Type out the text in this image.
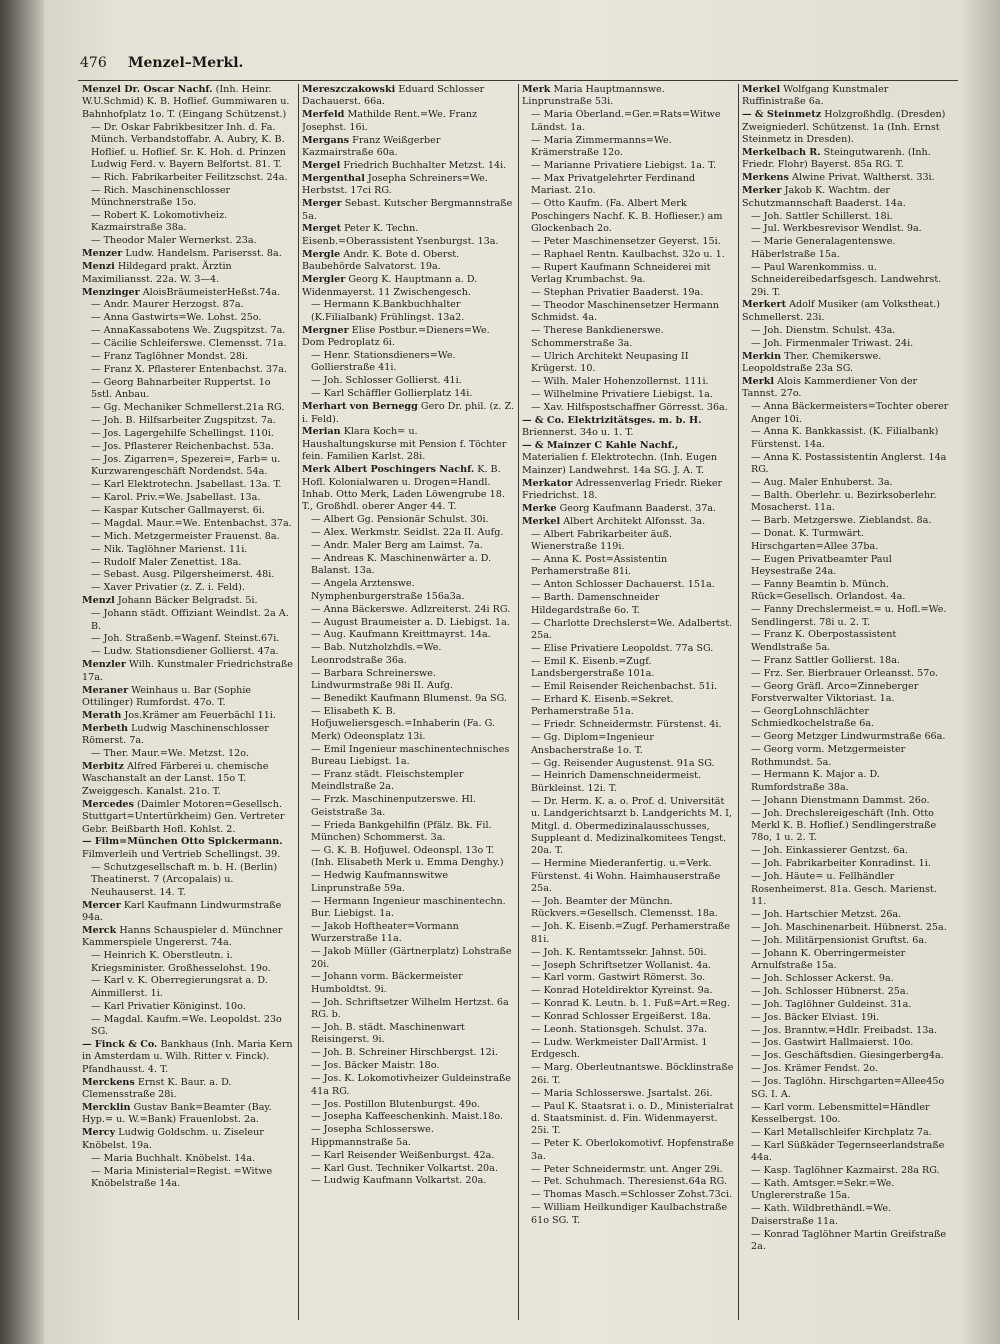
476 Menzel–Merkl.
Menzel Dr. Oscar Nachf. (Inh. Heinr. W.U.Schmid) K. B. Hoflief. Gummiwaren u. Bahnhofplatz 1o. T. (Eingang Schützenst.)
— Dr. Oskar Fabrikbesitzer Inh. d. Fa. Münch. Verbandstoffabr. A. Aubry, K. B. Hoflief. u. Hoflief. Sr. K. Hoh. d. Prinzen Ludwig Ferd. v. Bayern Belfortst. 81. T.
— Rich. Fabrikarbeiter Feilitzschst. 24a.
— Rich. Maschinenschlosser Münchnerstraße 15o.
— Robert K. Lokomotivheiz. Kazmairstraße 38a.
— Theodor Maler Wernerkst. 23a.
Menzer Ludw. Handelsm. Parisersst. 8a.
Menzi Hildegard prakt. Ärztin Maximiliansst. 22a. W. 3—4.
Menzinger AloisBräumeisterHeßst.74a.
— Andr. Maurer Herzogst. 87a.
— Anna Gastwirts=We. Lohst. 25o.
— AnnaKassabotens We. Zugspitzst. 7a.
— Cäcilie Schleiferswe. Clemensst. 71a.
— Franz Taglöhner Mondst. 28i.
— Franz X. Pflasterer Entenbachst. 37a.
— Georg Bahnarbeiter Ruppertst. 1o 5stl. Anbau.
— Gg. Mechaniker Schmellerst.21a RG.
— Joh. B. Hilfsarbeiter Zugspitzst. 7a.
— Jos. Lagergehilfe Schellingst. 110i.
— Jos. Pflasterer Reichenbachst. 53a.
— Jos. Zigarren=, Spezerei=, Farb= u. Kurzwarengeschäft Nordendst. 54a.
— Karl Elektrotechn. Jsabellast. 13a. T.
— Karol. Priv.=We. Jsabellast. 13a.
— Kaspar Kutscher Gallmayerst. 6i.
— Magdal. Maur.=We. Entenbachst. 37a.
— Mich. Metzgermeister Frauenst. 8a.
— Nik. Taglöhner Marienst. 11i.
— Rudolf Maler Zenettist. 18a.
— Sebast. Ausg. Pilgersheimerst. 48i.
— Xaver Privatier (z. Z. i. Feld).
Menzl Johann Bäcker Belgradst. 5i.
— Johann städt. Offiziant Weindlst. 2a A. B.
— Joh. Straßenb.=Wagenf. Steinst.67i.
— Ludw. Stationsdiener Gollierst. 47a.
Menzler Wilh. Kunstmaler Friedrichstraße 17a.
Meraner Weinhaus u. Bar (Sophie Ottilinger) Rumfordst. 47o. T.
Merath Jos.Krämer am Feuerbächl 11i.
Merbeth Ludwig Maschinenschlosser Römerst. 7a.
— Ther. Maur.=We. Metzst. 12o.
Merbitz Alfred Färberei u. chemische Waschanstalt an der Lanst. 15o T. Zweiggesch. Kanalst. 21o. T.
Mercedes (Daimler Motoren=Gesellsch. Stuttgart=Untertürkheim) Gen. Vertreter Gebr. Beißbarth Hofl. Kohlst. 2.
— Film=München Otto Spickermann. Filmverleih und Vertrieb Schellingst. 39.
— Schutzgesellschaft m. b. H. (Berlin) Theatinerst. 7 (Arcopalais) u. Neuhauserst. 14. T.
Mercer Karl Kaufmann Lindwurmstraße 94a.
Merck Hanns Schauspieler d. Münchner Kammerspiele Ungererst. 74a.
— Heinrich K. Oberstleutn. i. Kriegsminister. Großhesselohst. 19o.
— Karl v. K. Oberregierungsrat a. D. Ainmillerst. 1i.
— Karl Privatier Königinst. 10o.
— Magdal. Kaufm.=We. Leopoldst. 23o SG.
— Finck & Co. Bankhaus (Inh. Maria Kern in Amsterdam u. Wilh. Ritter v. Finck). Pfandhausst. 4. T.
Merckens Ernst K. Baur. a. D. Clemensstraße 28i.
Mercklin Gustav Bank=Beamter (Bay. Hyp.= u. W.=Bank) Frauenlobst. 2a.
Mercy Ludwig Goldschm. u. Ziseleur Knöbelst. 19a.
— Maria Buchhalt. Knöbelst. 14a.
— Maria Ministerial=Regist. =Witwe Knöbelstraße 14a.
Mereszczakowski Eduard Schlosser Dachauerst. 66a.
Merfeld Mathilde Rent.=We. Franz Josephst. 16i.
Mergans Franz Weißgerber Kazmairstraße 60a.
Mergel Friedrich Buchhalter Metzst. 14i.
Mergenthal Josepha Schreiners=We. Herbstst. 17ci RG.
Merger Sebast. Kutscher Bergmannstraße 5a.
Merget Peter K. Techn. Eisenb.=Oberassistent Ysenburgst. 13a.
Mergle Andr. K. Bote d. Oberst. Baubehörde Salvatorst. 19a.
Mergler Georg K. Hauptmann a. D. Widenmayerst. 11 Zwischengesch.
— Hermann K.Bankbuchhalter (K.Filialbank) Frühlingst. 13a2.
Mergner Elise Postbur.=Dieners=We. Dom Pedroplatz 6i.
— Henr. Stationsdieners=We. Gollierstraße 41i.
— Joh. Schlosser Gollierst. 41i.
— Karl Schäffler Gollierplatz 14i.
Merhart von Bernegg Gero Dr. phil. (z. Z. i. Feld).
Merian Klara Koch= u. Haushaltungskurse mit Pension f. Töchter fein. Familien Karlst. 28i.
Merk Albert Poschingers Nachf. K. B. Hofl. Kolonialwaren u. Drogen=Handl. Inhab. Otto Merk, Laden Löwengrube 18. T., Großhdl. oberer Anger 44. T.
— Albert Gg. Pensionär Schulst. 30i.
— Alex. Werkmstr. Seidlst. 22a II. Aufg.
— Andr. Maler Berg am Laimst. 7a.
— Andreas K. Maschinenwärter a. D. Balanst. 13a.
— Angela Arztenswe. Nymphenburgerstraße 156a3a.
— Anna Bäckerswe. Adlzreiterst. 24i RG.
— August Braumeister a. D. Liebigst. 1a.
— Aug. Kaufmann Kreittmayrst. 14a.
— Bab. Nutzholzhdls.=We. Leonrodstraße 36a.
— Barbara Schreinerswe. Lindwurmstraße 98i II. Aufg.
— Benedikt Kaufmann Blumenst. 9a SG.
— Elisabeth K. B. Hofjuweliersgesch.=Inhaberin (Fa. G. Merk) Odeonsplatz 13i.
— Emil Ingenieur maschinentechnisches Bureau Liebigst. 1a.
— Franz städt. Fleischstempler Meindlstraße 2a.
— Frzk. Maschinenputzerswe. Hl. Geiststraße 3a.
— Frieda Bankgehilfin (Pfälz. Bk. Fil. München) Schommerst. 3a.
— G. K. B. Hofjuwel. Odeonspl. 13o T. (Inh. Elisabeth Merk u. Emma Denghy.)
— Hedwig Kaufmannswitwe Linprunstraße 59a.
— Hermann Ingenieur maschinentechn. Bur. Liebigst. 1a.
— Jakob Hoftheater=Vormann Wurzerstraße 11a.
— Jakob Müller (Gärtnerplatz) Lohstraße 20i.
— Johann vorm. Bäckermeister Humboldtst. 9i.
— Joh. Schriftsetzer Wilhelm Hertzst. 6a RG. b.
— Joh. B. städt. Maschinenwart Reisingerst. 9i.
— Joh. B. Schreiner Hirschbergst. 12i.
— Jos. Bäcker Maistr. 18o.
— Jos. K. Lokomotivheizer Guldeinstraße 41a RG.
— Jos. Postillon Blutenburgst. 49o.
— Josepha Kaffeeschenkinh. Maist.18o.
— Josepha Schlosserswe. Hippmannstraße 5a.
— Karl Reisender Weißenburgst. 42a.
— Karl Gust. Techniker Volkartst. 20a.
— Ludwig Kaufmann Volkartst. 20a.
Merk Maria Hauptmannswe. Linprunstraße 53i.
— Maria Oberland.=Ger.=Rats=Witwe Ländst. 1a.
— Maria Zimmermanns=We. Krämerstraße 12o.
— Marianne Privatiere Liebigst. 1a. T.
— Max Privatgelehrter Ferdinand Mariast. 21o.
— Otto Kaufm. (Fa. Albert Merk Poschingers Nachf. K. B. Hoflieser.) am Glockenbach 2o.
— Peter Maschinensetzer Geyerst. 15i.
— Raphael Rentn. Kaulbachst. 32o u. 1.
— Rupert Kaufmann Schneiderei mit Verlag Krumbachst. 9a.
— Stephan Privatier Baaderst. 19a.
— Theodor Maschinensetzer Hermann Schmidst. 4a.
— Therese Bankdienerswe. Schommerstraße 3a.
— Ulrich Architekt Neupasing II Krügerst. 10.
— Wilh. Maler Hohenzollernst. 111i.
— Wilhelmine Privatiere Liebigst. 1a.
— Xav. Hilfspostschaffner Görresst. 36a.
— & Co. Elektrizitätsges. m. b. H. Briennerst. 34o u. 1. T.
— & Mainzer C Kahle Nachf., Materialien f. Elektrotechn. (Inh. Eugen Mainzer) Landwehrst. 14a SG. J. A. T.
Merkator Adressenverlag Friedr. Rieker Friedrichst. 18.
Merke Georg Kaufmann Baaderst. 37a.
Merkel Albert Architekt Alfonsst. 3a.
— Albert Fabrikarbeiter äuß. Wienerstraße 119i.
— Anna K. Post=Assistentin Perhamerstraße 81i.
— Anton Schlosser Dachauerst. 151a.
— Barth. Damenschneider Hildegardstraße 6o. T.
— Charlotte Drechslerst=We. Adalbertst. 25a.
— Elise Privatiere Leopoldst. 77a SG.
— Emil K. Eisenb.=Zugf. Landsbergerstraße 101a.
— Emil Reisender Reichenbachst. 51i.
— Erhard K. Eisenb.=Sekret. Perhamerstraße 51a.
— Friedr. Schneidermstr. Fürstenst. 4i.
— Gg. Diplom=Ingenieur Ansbacherstraße 1o. T.
— Gg. Reisender Augustenst. 91a SG.
— Heinrich Damenschneidermeist. Bürkleinst. 12i. T.
— Dr. Herm. K. a. o. Prof. d. Universität u. Landgerichtsarzt b. Landgerichts M. I, Mitgl. d. Obermedizinalausschusses, Suppleant d. Medizinalkomitees Tengst. 20a. T.
— Hermine Miederanfertig. u.=Verk. Fürstenst. 4i Wohn. Haimhauserstraße 25a.
— Joh. Beamter der Münchn. Rückvers.=Gesellsch. Clemensst. 18a.
— Joh. K. Eisenb.=Zugf. Perhamerstraße 81i.
— Joh. K. Rentamtssekr. Jahnst. 50i.
— Joseph Schriftsetzer Wollanist. 4a.
— Karl vorm. Gastwirt Römerst. 3o.
— Konrad Hoteldirektor Kyreinst. 9a.
— Konrad K. Leutn. b. 1. Fuß=Art.=Reg.
— Konrad Schlosser Ergeißerst. 18a.
— Leonh. Stationsgeh. Schulst. 37a.
— Ludw. Werkmeister Dall'Armist. 1 Erdgesch.
— Marg. Oberleutnantswe. Böcklinstraße 26i. T.
— Maria Schlosserswe. Jsartalst. 26i.
— Paul K. Staatsrat i. o. D., Ministerialrat d. Staatsminist. d. Fin. Widenmayerst. 25i. T.
— Peter K. Oberlokomotivf. Hopfenstraße 3a.
— Peter Schneidermstr. unt. Anger 29i.
— Pet. Schuhmach. Theresienst.64a RG.
— Thomas Masch.=Schlosser Zohst.73ci.
— William Heilkundiger Kaulbachstraße 61o SG. T.
Merkel Wolfgang Kunstmaler Ruffinistraße 6a.
— & Steinmetz Holzgroßhdlg. (Dresden) Zweigniederl. Schützenst. 1a (Inh. Ernst Steinmetz in Dresden).
Merkelbach R. Steingutwarenh. (Inh. Friedr. Flohr) Bayerst. 85a RG. T.
Merkens Alwine Privat. Waltherst. 33i.
Merker Jakob K. Wachtm. der Schutzmannschaft Baaderst. 14a.
— Joh. Sattler Schillerst. 18i.
— Jul. Werkbesrevisor Wendlst. 9a.
— Marie Generalagentenswe. Häberlstraße 15a.
— Paul Warenkommiss. u. Schneidereibedarfsgesch. Landwehrst. 29i. T.
Merkert Adolf Musiker (am Volkstheat.) Schmellerst. 23i.
— Joh. Dienstm. Schulst. 43a.
— Joh. Firmenmaler Triwast. 24i.
Merkin Ther. Chemikerswe. Leopoldstraße 23a SG.
Merkl Alois Kammerdiener Von der Tannst. 27o.
— Anna Bäckermeisters=Tochter oberer Anger 10i.
— Anna K. Bankkassist. (K. Filialbank) Fürstenst. 14a.
— Anna K. Postassistentin Anglerst. 14a RG.
— Aug. Maler Enhuberst. 3a.
— Balth. Oberlehr. u. Bezirksoberlehr. Mosacherst. 11a.
— Barb. Metzgerswe. Zieblandst. 8a.
— Donat. K. Turmwärt. Hirschgarten=Allee 37ba.
— Eugen Privatbeamter Paul Heysestraße 24a.
— Fanny Beamtin b. Münch. Rück=Gesellsch. Orlandost. 4a.
— Fanny Drechslermeist.= u. Hofl.=We. Sendlingerst. 78i u. 2. T.
— Franz K. Oberpostassistent Wendlstraße 5a.
— Franz Sattler Gollierst. 18a.
— Frz. Ser. Bierbrauer Orleansst. 57o.
— Georg Gräfl. Arco=Zinneberger Forstverwalter Viktoriast. 1a.
— GeorgLohnschlächter Schmiedkochelstraße 6a.
— Georg Metzger Lindwurmstraße 66a.
— Georg vorm. Metzgermeister Rothmundst. 5a.
— Hermann K. Major a. D. Rumfordstraße 38a.
— Johann Dienstmann Dammst. 26o.
— Joh. Drechslereigeschäft (Inh. Otto Merkl K. B. Hoflief.) Sendlingerstraße 78o, 1 u. 2. T.
— Joh. Einkassierer Gentzst. 6a.
— Joh. Fabrikarbeiter Konradinst. 1i.
— Joh. Häute= u. Fellhändler Rosenheimerst. 81a. Gesch. Marienst. 11.
— Joh. Hartschier Metzst. 26a.
— Joh. Maschinenarbeit. Hübnerst. 25a.
— Joh. Militärpensionist Gruftst. 6a.
— Johann K. Oberringermeister Arnulfstraße 15a.
— Joh. Schlosser Ackerst. 9a.
— Joh. Schlosser Hübnerst. 25a.
— Joh. Taglöhner Guldeinst. 31a.
— Jos. Bäcker Elviast. 19i.
— Jos. Branntw.=Hdlr. Freibadst. 13a.
— Jos. Gastwirt Hallmaierst. 10o.
— Jos. Geschäftsdien. Giesingerberg4a.
— Jos. Krämer Fendst. 2o.
— Jos. Taglöhn. Hirschgarten=Allee45o SG. I. A.
— Karl vorm. Lebensmittel=Händler Kesselbergst. 10o.
— Karl Metallschleifer Kirchplatz 7a.
— Karl Süßkäder Tegernseerlandstraße 44a.
— Kasp. Taglöhner Kazmairst. 28a RG.
— Kath. Amtsger.=Sekr.=We. Unglererstraße 15a.
— Kath. Wildbrethändl.=We. Daiserstraße 11a.
— Konrad Taglöhner Martin Greifstraße 2a.
